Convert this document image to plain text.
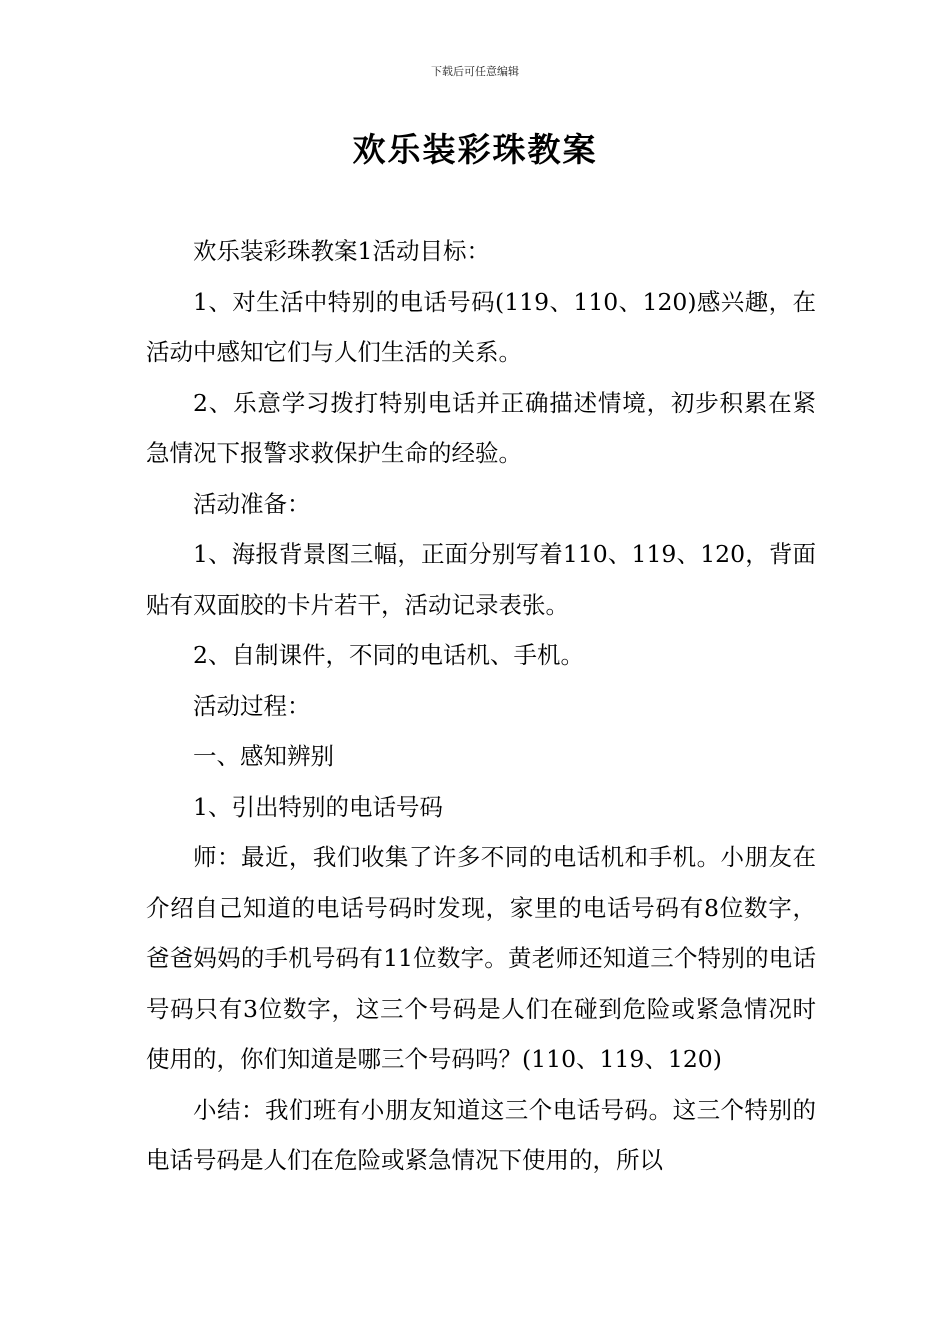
下载后可任意编辑
欢乐装彩珠教案

欢乐装彩珠教案1活动目标：

1、对生活中特别的电话号码(119、110、120)感兴趣，在活动中感知它们与人们生活的关系。

2、乐意学习拨打特别电话并正确描述情境，初步积累在紧急情况下报警求救保护生命的经验。

活动准备：

1、海报背景图三幅，正面分别写着110、119、120，背面贴有双面胶的卡片若干，活动记录表张。

2、自制课件，不同的电话机、手机。

活动过程：

一、感知辨别

1、引出特别的电话号码

师：最近，我们收集了许多不同的电话机和手机。小朋友在介绍自己知道的电话号码时发现，家里的电话号码有8位数字，爸爸妈妈的手机号码有11位数字。黄老师还知道三个特别的电话号码只有3位数字，这三个号码是人们在碰到危险或紧急情况时使用的，你们知道是哪三个号码吗？(110、119、120)

小结：我们班有小朋友知道这三个电话号码。这三个特别的电话号码是人们在危险或紧急情况下使用的，所以
